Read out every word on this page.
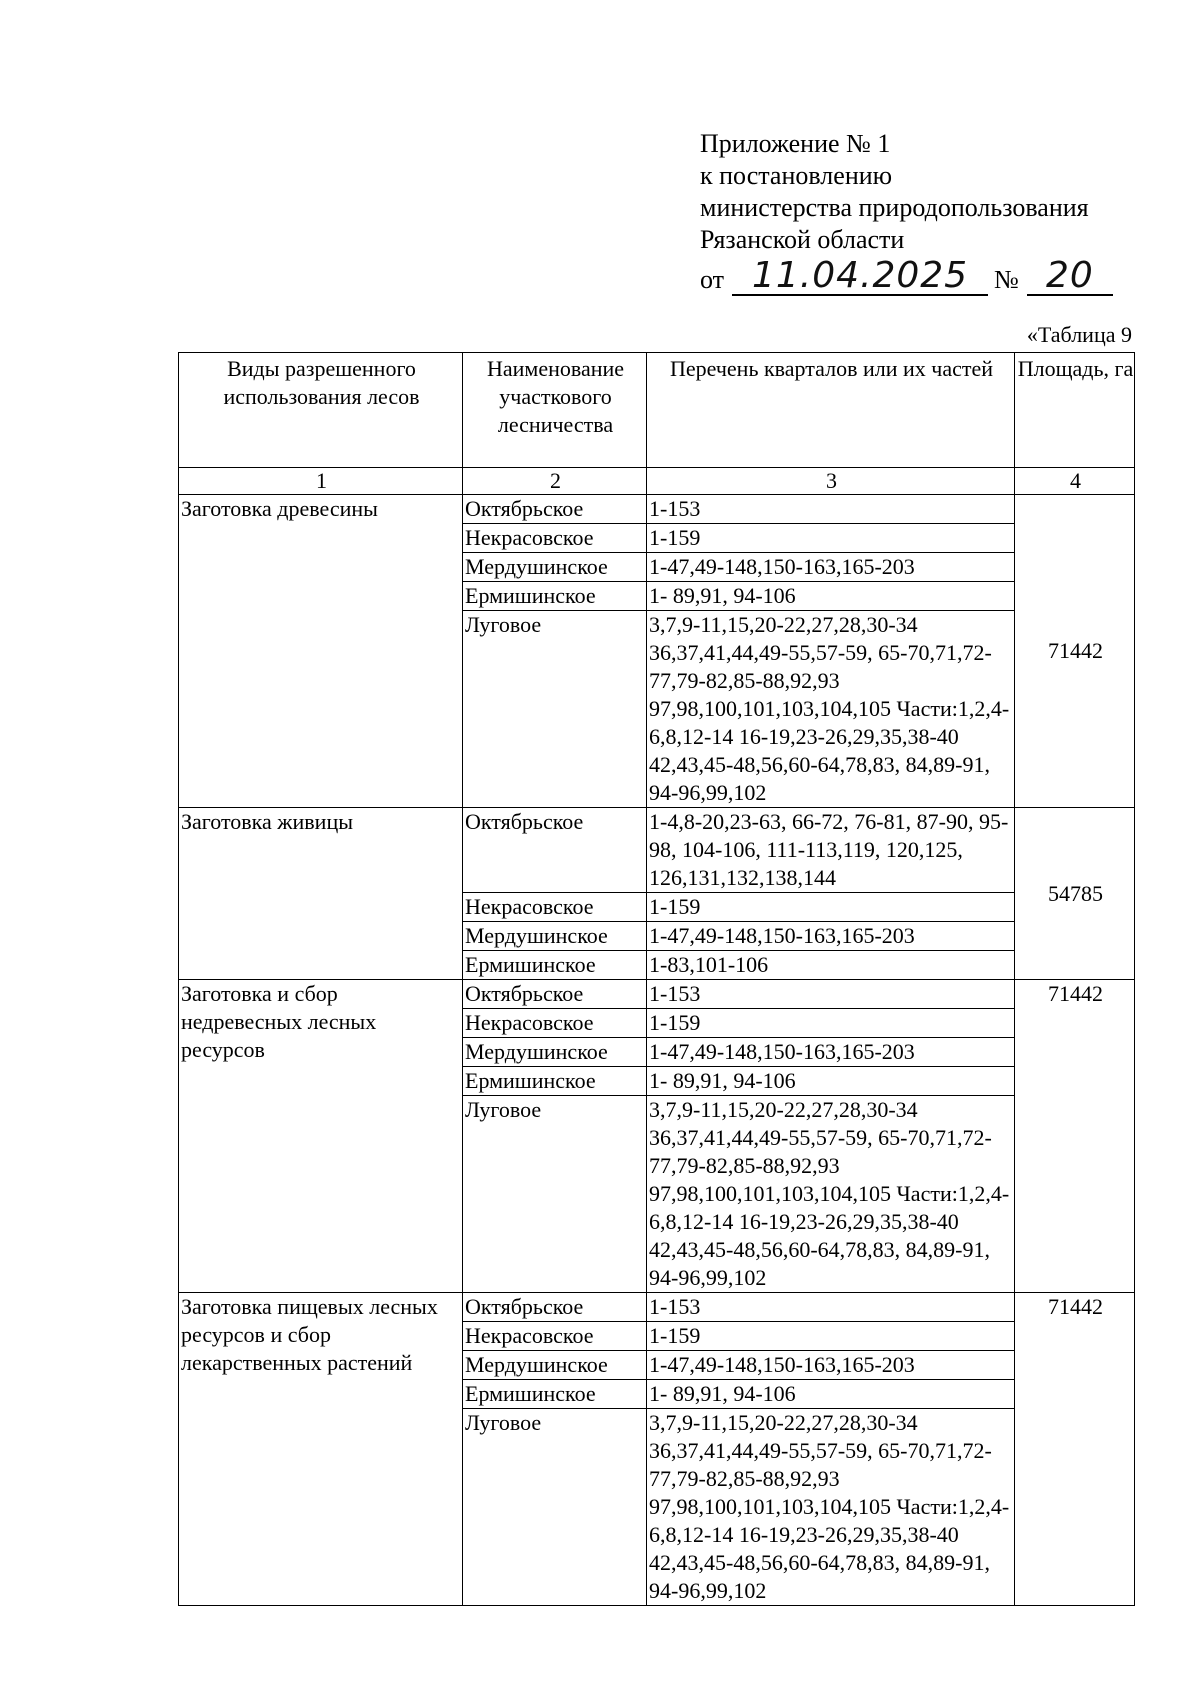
Приложение № 1
к постановлению
министерства природопользования
Рязанской области
от 11.04.2025 № 20
«Таблица 9
Виды разрешенного использования лесов	Наименование участкового лесничества	Перечень кварталов или их частей	Площадь, га
1	2	3	4
Заготовка древесины	Октябрьское	1-153	71442
	Некрасовское	1-159	
	Мердушинское	1-47,49-148,150-163,165-203	
	Ермишинское	1- 89,91, 94-106	
	Луговое	3,7,9-11,15,20-22,27,28,30-34 36,37,41,44,49-55,57-59, 65-70,71,72-77,79-82,85-88,92,93 97,98,100,101,103,104,105 Части:1,2,4-6,8,12-14 16-19,23-26,29,35,38-40 42,43,45-48,56,60-64,78,83, 84,89-91, 94-96,99,102	
Заготовка живицы	Октябрьское	1-4,8-20,23-63, 66-72, 76-81, 87-90, 95-98, 104-106, 111-113,119, 120,125, 126,131,132,138,144	54785
	Некрасовское	1-159	
	Мердушинское	1-47,49-148,150-163,165-203	
	Ермишинское	1-83,101-106	
Заготовка и сбор недревесных лесных ресурсов	Октябрьское	1-153	71442
	Некрасовское	1-159	
	Мердушинское	1-47,49-148,150-163,165-203	
	Ермишинское	1- 89,91, 94-106	
	Луговое	3,7,9-11,15,20-22,27,28,30-34 36,37,41,44,49-55,57-59, 65-70,71,72-77,79-82,85-88,92,93 97,98,100,101,103,104,105 Части:1,2,4-6,8,12-14 16-19,23-26,29,35,38-40 42,43,45-48,56,60-64,78,83, 84,89-91, 94-96,99,102	
Заготовка пищевых лесных ресурсов и сбор лекарственных растений	Октябрьское	1-153	71442
	Некрасовское	1-159	
	Мердушинское	1-47,49-148,150-163,165-203	
	Ермишинское	1- 89,91, 94-106	
	Луговое	3,7,9-11,15,20-22,27,28,30-34 36,37,41,44,49-55,57-59, 65-70,71,72-77,79-82,85-88,92,93 97,98,100,101,103,104,105 Части:1,2,4-6,8,12-14 16-19,23-26,29,35,38-40 42,43,45-48,56,60-64,78,83, 84,89-91, 94-96,99,102	
